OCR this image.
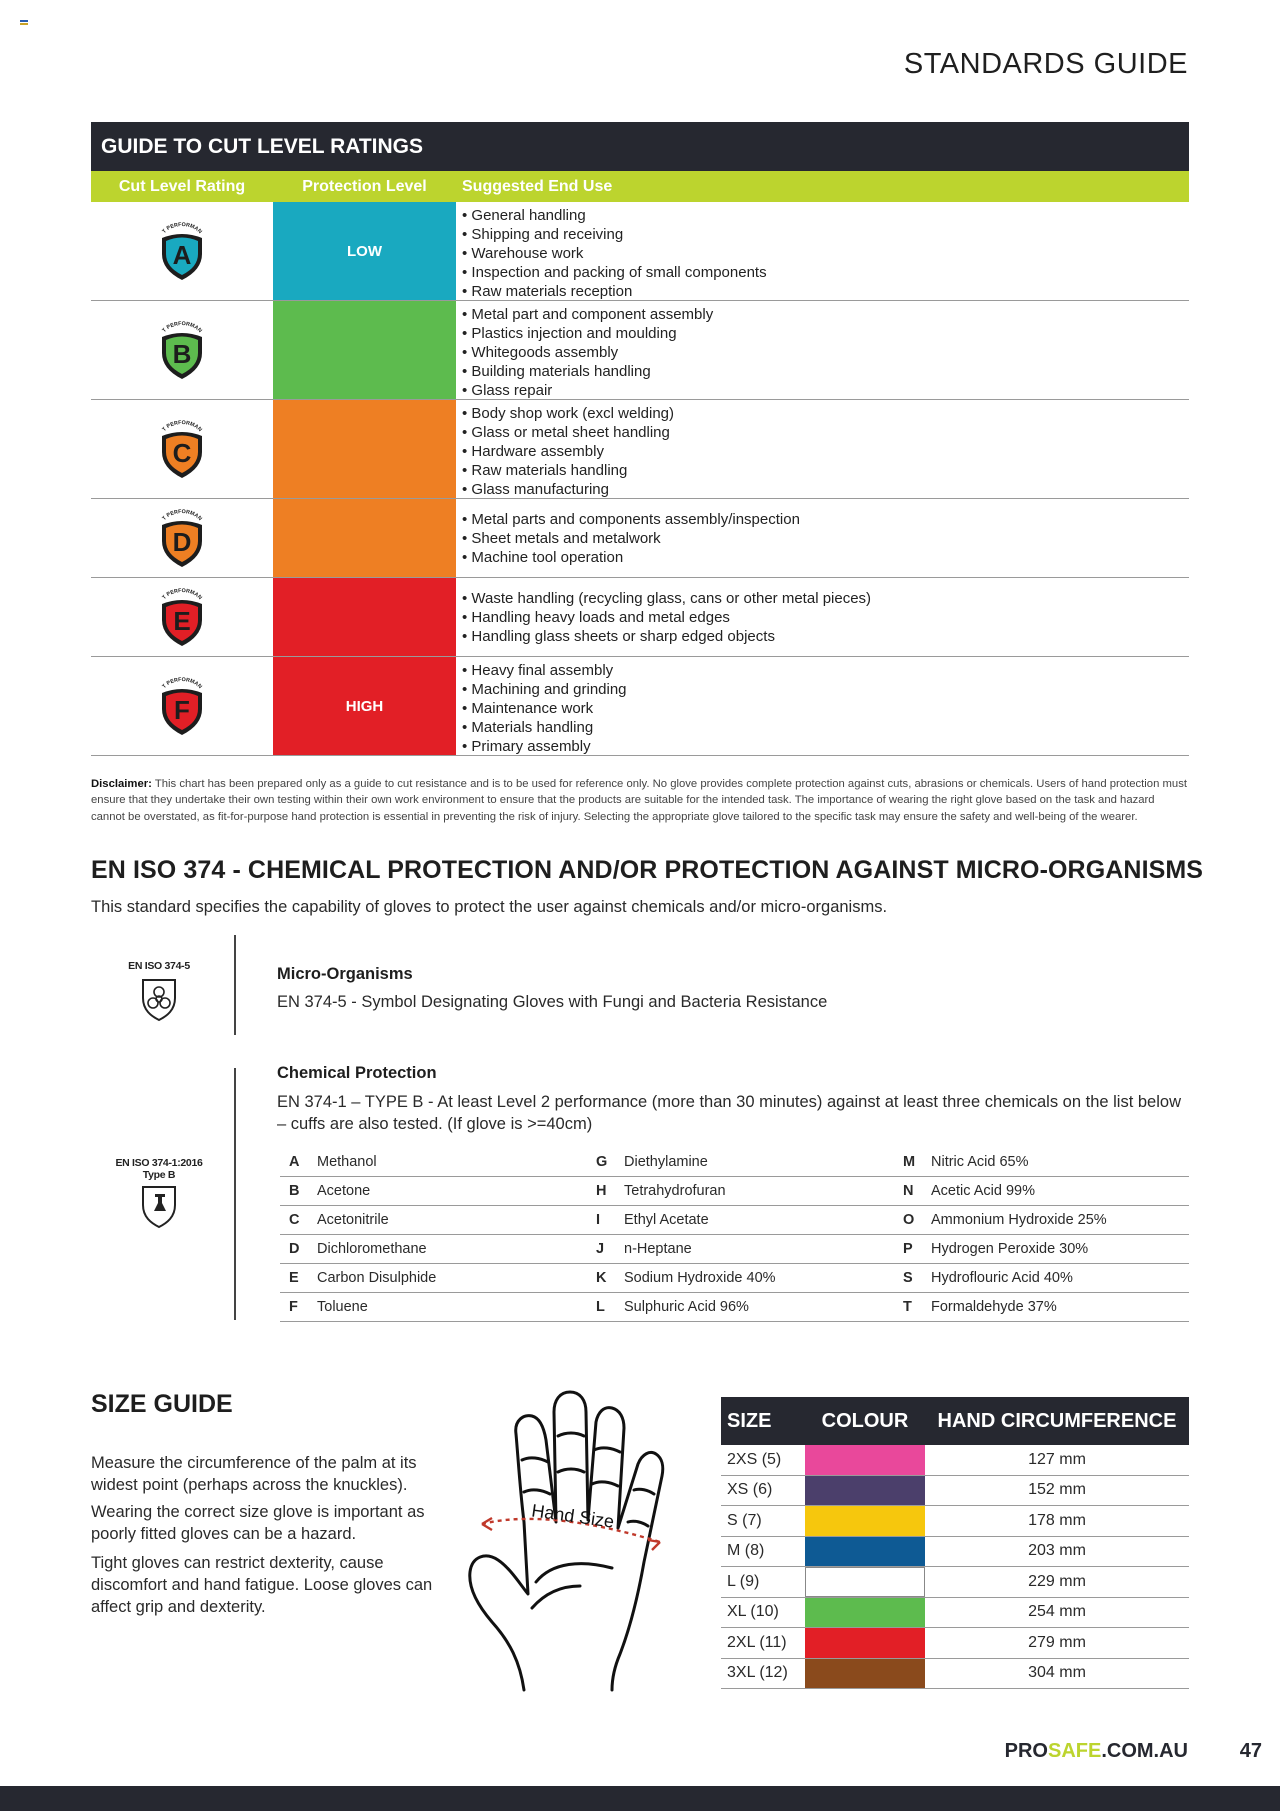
STANDARDS GUIDE
GUIDE TO CUT LEVEL RATINGS
Cut Level Rating	Protection Level	Suggested End Use
T PERFORMAN
A	LOW
• General handling
• Shipping and receiving
• Warehouse work
• Inspection and packing of small components
• Raw materials reception
T PERFORMAN
B
• Metal part and component assembly
• Plastics injection and moulding
• Whitegoods assembly
• Building materials handling
• Glass repair
T PERFORMAN
C
• Body shop work (excl welding)
• Glass or metal sheet handling
• Hardware assembly
• Raw materials handling
• Glass manufacturing
T PERFORMAN
D
• Metal parts and components assembly/inspection
• Sheet metals and metalwork
• Machine tool operation
T PERFORMAN
E
• Waste handling (recycling glass, cans or other metal pieces)
• Handling heavy loads and metal edges
• Handling glass sheets or sharp edged objects
T PERFORMAN
F	HIGH
• Heavy final assembly
• Machining and grinding
• Maintenance work
• Materials handling
• Primary assembly
Disclaimer: This chart has been prepared only as a guide to cut resistance and is to be used for reference only. No glove provides complete protection against cuts, abrasions or chemicals. Users of hand protection must ensure that they undertake their own testing within their own work environment to ensure that the products are suitable for the intended task. The importance of wearing the right glove based on the task and hazard cannot be overstated, as fit-for-purpose hand protection is essential in preventing the risk of injury. Selecting the appropriate glove tailored to the specific task may ensure the safety and well-being of the wearer.
EN ISO 374 - CHEMICAL PROTECTION AND/OR PROTECTION AGAINST MICRO-ORGANISMS
This standard specifies the capability of gloves to protect the user against chemicals and/or micro-organisms.
EN ISO 374-5	Micro-Organisms
EN 374-5 - Symbol Designating Gloves with Fungi and Bacteria Resistance
EN ISO 374-1:2016
Type B
Chemical Protection
EN 374-1 – TYPE B - At least Level 2 performance (more than 30 minutes) against at least three chemicals on the list below – cuffs are also tested. (If glove is >=40cm)
A	Methanol	G	Diethylamine	M	Nitric Acid 65%
B	Acetone	H	Tetrahydrofuran	N	Acetic Acid 99%
C	Acetonitrile	I	Ethyl Acetate	O	Ammonium Hydroxide 25%
D	Dichloromethane	J	n-Heptane	P	Hydrogen Peroxide 30%
E	Carbon Disulphide	K	Sodium Hydroxide 40%	S	Hydroflouric Acid 40%
F	Toluene	L	Sulphuric Acid 96%	T	Formaldehyde 37%
SIZE GUIDE
Measure the circumference of the palm at its widest point (perhaps across the knuckles).
Wearing the correct size glove is important as poorly fitted gloves can be a hazard.
Tight gloves can restrict dexterity, cause discomfort and hand fatigue. Loose gloves can affect grip and dexterity.
Hand Size
SIZE	COLOUR	HAND CIRCUMFERENCE
2XS (5)	127 mm
XS (6)	152 mm
S (7)	178 mm
M (8)	203 mm
L (9)	229 mm
XL (10)	254 mm
2XL (11)	279 mm
3XL (12)	304 mm
PROSAFE.COM.AU	47
